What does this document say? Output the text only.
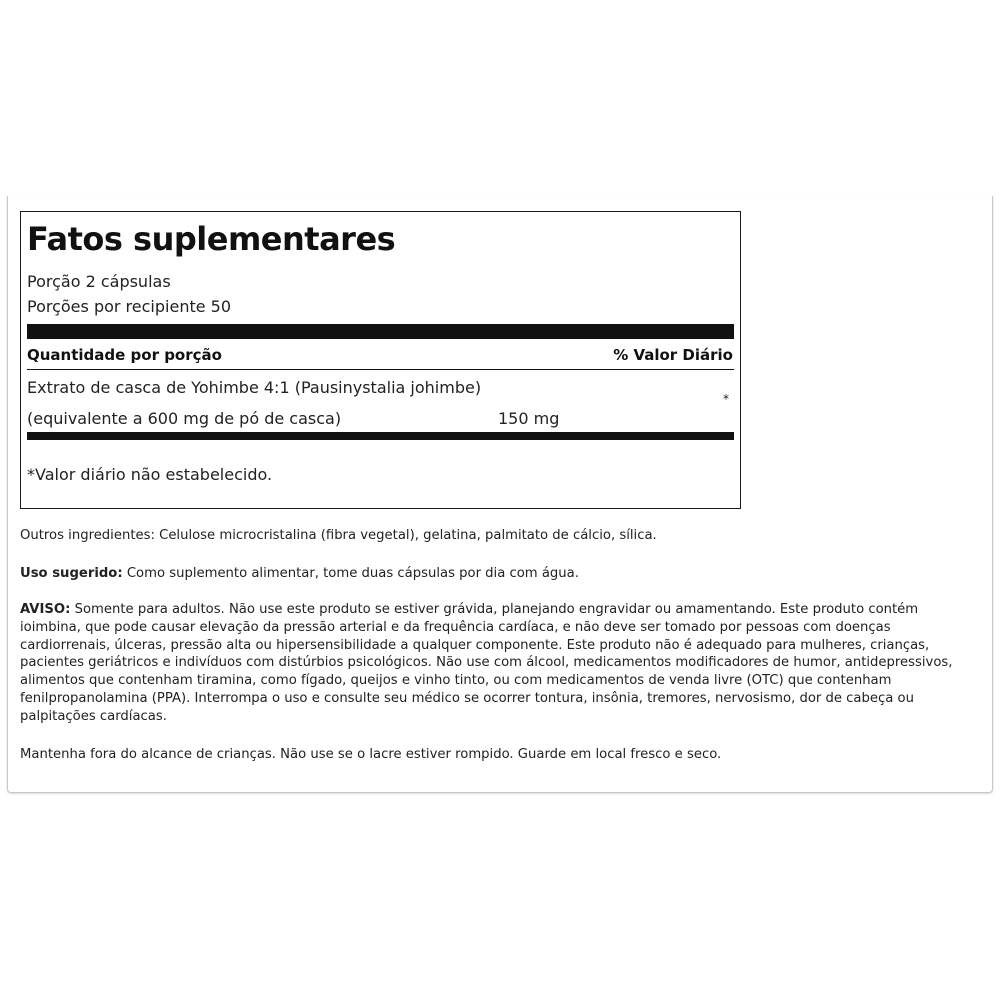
Fatos suplementares
Porção 2 cápsulas
Porções por recipiente 50
Quantidade por porção	% Valor Diário
Extrato de casca de Yohimbe 4:1 (Pausinystalia johimbe)
(equivalente a 600 mg de pó de casca)	150 mg
*
*Valor diário não estabelecido.
Outros ingredientes: Celulose microcristalina (fibra vegetal), gelatina, palmitato de cálcio, sílica.
Uso sugerido: Como suplemento alimentar, tome duas cápsulas por dia com água.
AVISO: Somente para adultos. Não use este produto se estiver grávida, planejando engravidar ou amamentando. Este produto contém ioimbina, que pode causar elevação da pressão arterial e da frequência cardíaca, e não deve ser tomado por pessoas com doenças cardiorrenais, úlceras, pressão alta ou hipersensibilidade a qualquer componente. Este produto não é adequado para mulheres, crianças, pacientes geriátricos e indivíduos com distúrbios psicológicos. Não use com álcool, medicamentos modificadores de humor, antidepressivos, alimentos que contenham tiramina, como fígado, queijos e vinho tinto, ou com medicamentos de venda livre (OTC) que contenham fenilpropanolamina (PPA). Interrompa o uso e consulte seu médico se ocorrer tontura, insônia, tremores, nervosismo, dor de cabeça ou palpitações cardíacas.
Mantenha fora do alcance de crianças. Não use se o lacre estiver rompido. Guarde em local fresco e seco.
